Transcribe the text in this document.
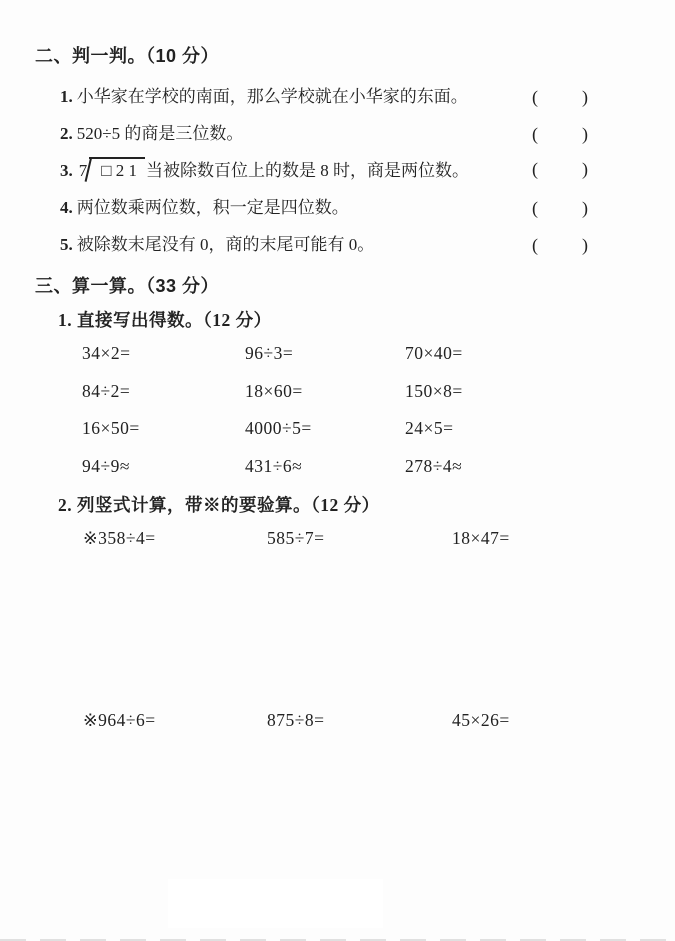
二、判一判。（10 分）
1. 小华家在学校的南面，那么学校就在小华家的东面。	( )
2. 520÷5 的商是三位数。	( )
3. 7 □ 2 1 当被除数百位上的数是 8 时，商是两位数。	( )
4. 两位数乘两位数，积一定是四位数。	( )
5. 被除数末尾没有 0，商的末尾可能有 0。	( )
三、算一算。（33 分）
1. 直接写出得数。（12 分）
34×2=	96÷3=	70×40=
84÷2=	18×60=	150×8=
16×50=	4000÷5=	24×5=
94÷9≈	431÷6≈	278÷4≈
2. 列竖式计算，带※的要验算。（12 分）
※358÷4=	585÷7=	18×47=
※964÷6=	875÷8=	45×26=
